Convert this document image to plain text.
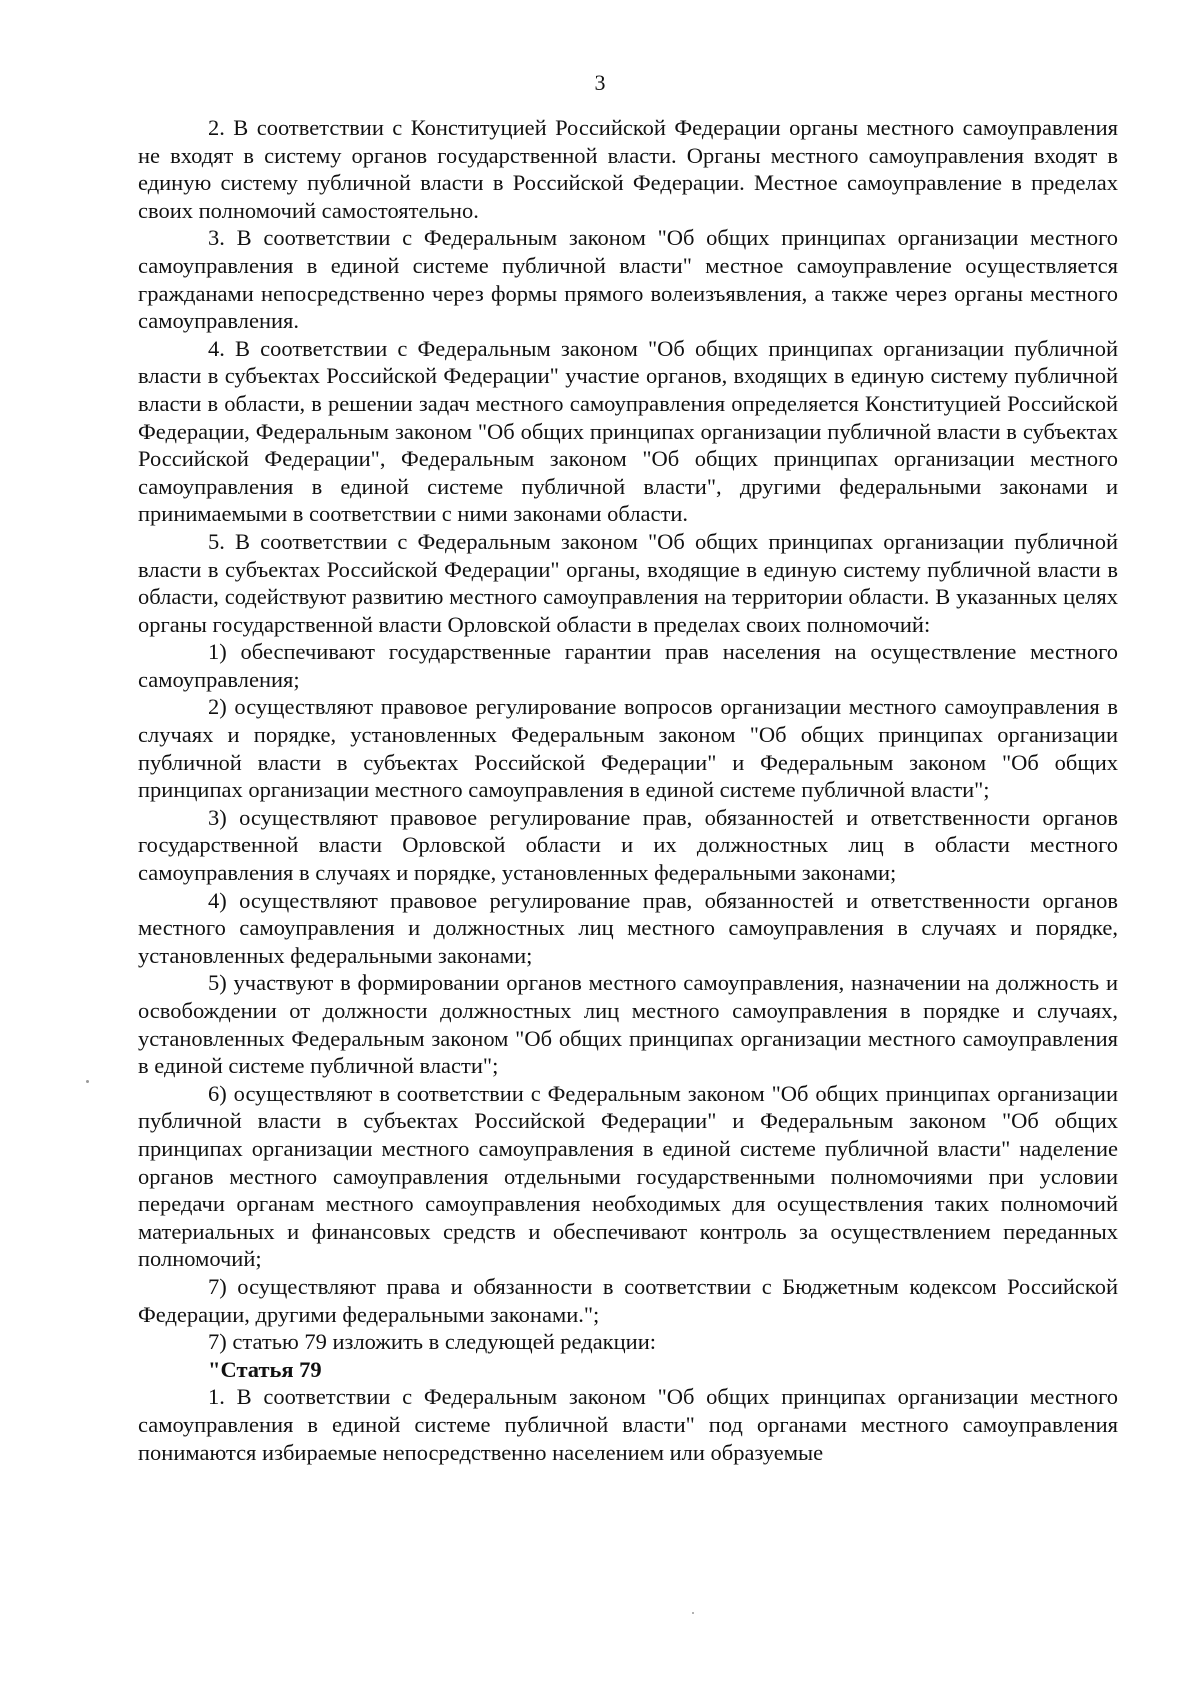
3

2. В соответствии с Конституцией Российской Федерации органы местного самоуправления не входят в систему органов государственной власти. Органы местного самоуправления входят в единую систему публичной власти в Российской Федерации. Местное самоуправление в пределах своих полномочий самостоятельно.

3. В соответствии с Федеральным законом "Об общих принципах организации местного самоуправления в единой системе публичной власти" местное самоуправление осуществляется гражданами непосредственно через формы прямого волеизъявления, а также через органы местного самоуправления.

4. В соответствии с Федеральным законом "Об общих принципах организации публичной власти в субъектах Российской Федерации" участие органов, входящих в единую систему публичной власти в области, в решении задач местного самоуправления определяется Конституцией Российской Федерации, Федеральным законом "Об общих принципах организации публичной власти в субъектах Российской Федерации", Федеральным законом "Об общих принципах организации местного самоуправления в единой системе публичной власти", другими федеральными законами и принимаемыми в соответствии с ними законами области.

5. В соответствии с Федеральным законом "Об общих принципах организации публичной власти в субъектах Российской Федерации" органы, входящие в единую систему публичной власти в области, содействуют развитию местного самоуправления на территории области. В указанных целях органы государственной власти Орловской области в пределах своих полномочий:

1) обеспечивают государственные гарантии прав населения на осуществление местного самоуправления;

2) осуществляют правовое регулирование вопросов организации местного самоуправления в случаях и порядке, установленных Федеральным законом "Об общих принципах организации публичной власти в субъектах Российской Федерации" и Федеральным законом "Об общих принципах организации местного самоуправления в единой системе публичной власти";

3) осуществляют правовое регулирование прав, обязанностей и ответственности органов государственной власти Орловской области и их должностных лиц в области местного самоуправления в случаях и порядке, установленных федеральными законами;

4) осуществляют правовое регулирование прав, обязанностей и ответственности органов местного самоуправления и должностных лиц местного самоуправления в случаях и порядке, установленных федеральными законами;

5) участвуют в формировании органов местного самоуправления, назначении на должность и освобождении от должности должностных лиц местного самоуправления в порядке и случаях, установленных Федеральным законом "Об общих принципах организации местного самоуправления в единой системе публичной власти";

6) осуществляют в соответствии с Федеральным законом "Об общих принципах организации публичной власти в субъектах Российской Федерации" и Федеральным законом "Об общих принципах организации местного самоуправления в единой системе публичной власти" наделение органов местного самоуправления отдельными государственными полномочиями при условии передачи органам местного самоуправления необходимых для осуществления таких полномочий материальных и финансовых средств и обеспечивают контроль за осуществлением переданных полномочий;

7) осуществляют права и обязанности в соответствии с Бюджетным кодексом Российской Федерации, другими федеральными законами.";

7) статью 79 изложить в следующей редакции:

"Статья 79

1. В соответствии с Федеральным законом "Об общих принципах организации местного самоуправления в единой системе публичной власти" под органами местного самоуправления понимаются избираемые непосредственно населением или образуемые
